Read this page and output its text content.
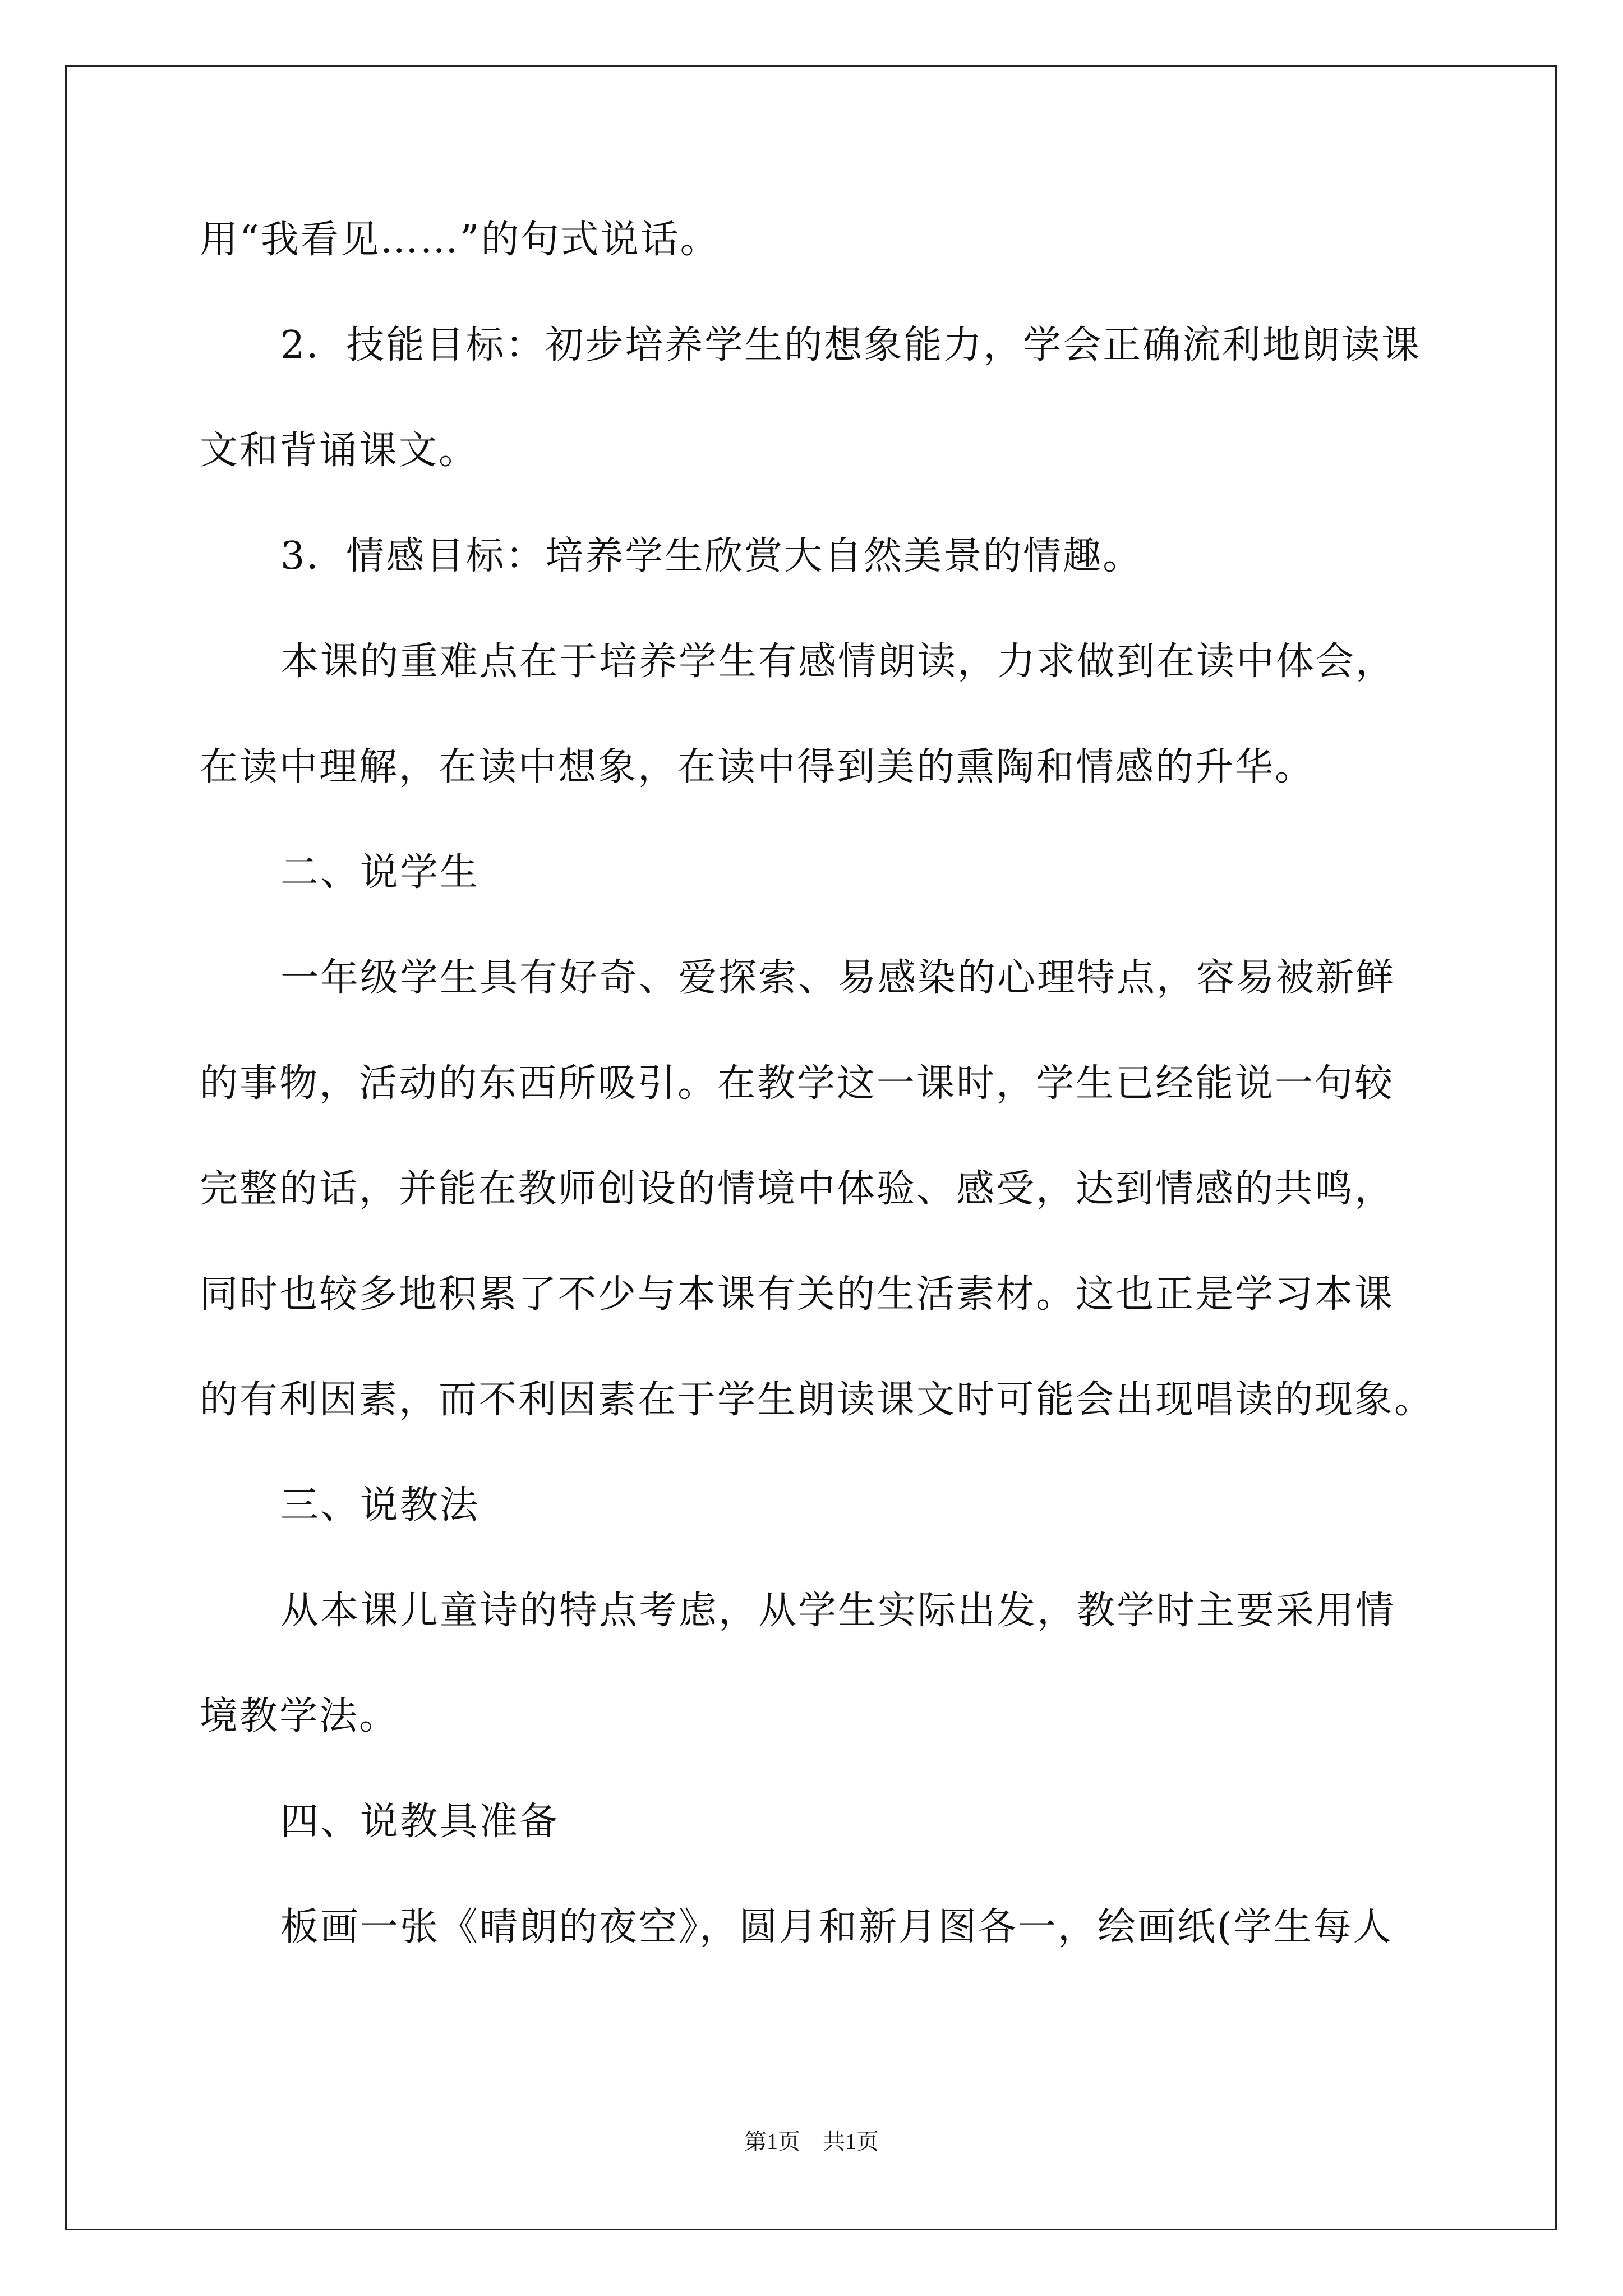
用“我看见……”的句式说话。
2．技能目标：初步培养学生的想象能力，学会正确流利地朗读课
文和背诵课文。
3．情感目标：培养学生欣赏大自然美景的情趣。
本课的重难点在于培养学生有感情朗读，力求做到在读中体会，
在读中理解，在读中想象，在读中得到美的熏陶和情感的升华。
二、说学生
一年级学生具有好奇、爱探索、易感染的心理特点，容易被新鲜
的事物，活动的东西所吸引。在教学这一课时，学生已经能说一句较
完整的话，并能在教师创设的情境中体验、感受，达到情感的共鸣，
同时也较多地积累了不少与本课有关的生活素材。这也正是学习本课
的有利因素，而不利因素在于学生朗读课文时可能会出现唱读的现象。
三、说教法
从本课儿童诗的特点考虑，从学生实际出发，教学时主要采用情
境教学法。
四、说教具准备
板画一张《晴朗的夜空》，圆月和新月图各一，绘画纸(学生每人
第1页　共1页
